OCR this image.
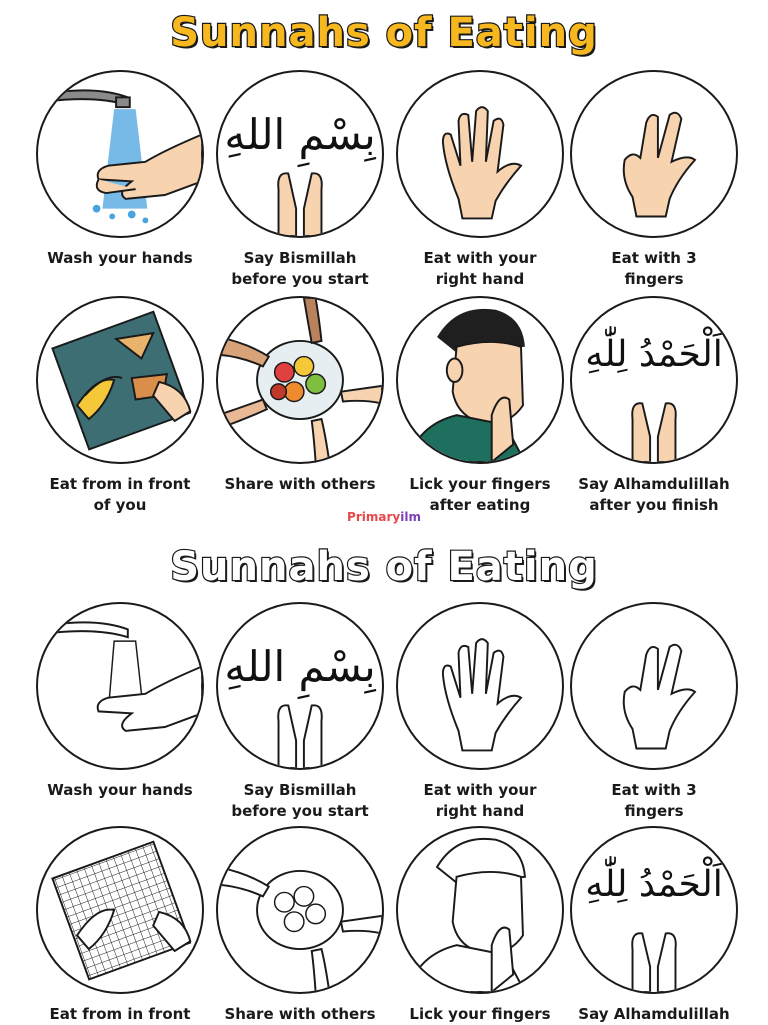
Sunnahs of Eating
Wash your hands
بِسْمِ اللهِ
Say Bismillah
before you start
Eat with your
right hand
Eat with 3
fingers
Eat from in front
of you
Share with others	Lick your fingers
after eating
اَلْحَمْدُ لِلّٰهِ
Say Alhamdulillah
after you finish
Primaryilm
Sunnahs of Eating
Wash your hands
بِسْمِ اللهِ
Say Bismillah
before you start
Eat with your
right hand
Eat with 3
fingers
Eat from in front	Share with others	Lick your fingers
اَلْحَمْدُ لِلّٰهِ
Say Alhamdulillah
